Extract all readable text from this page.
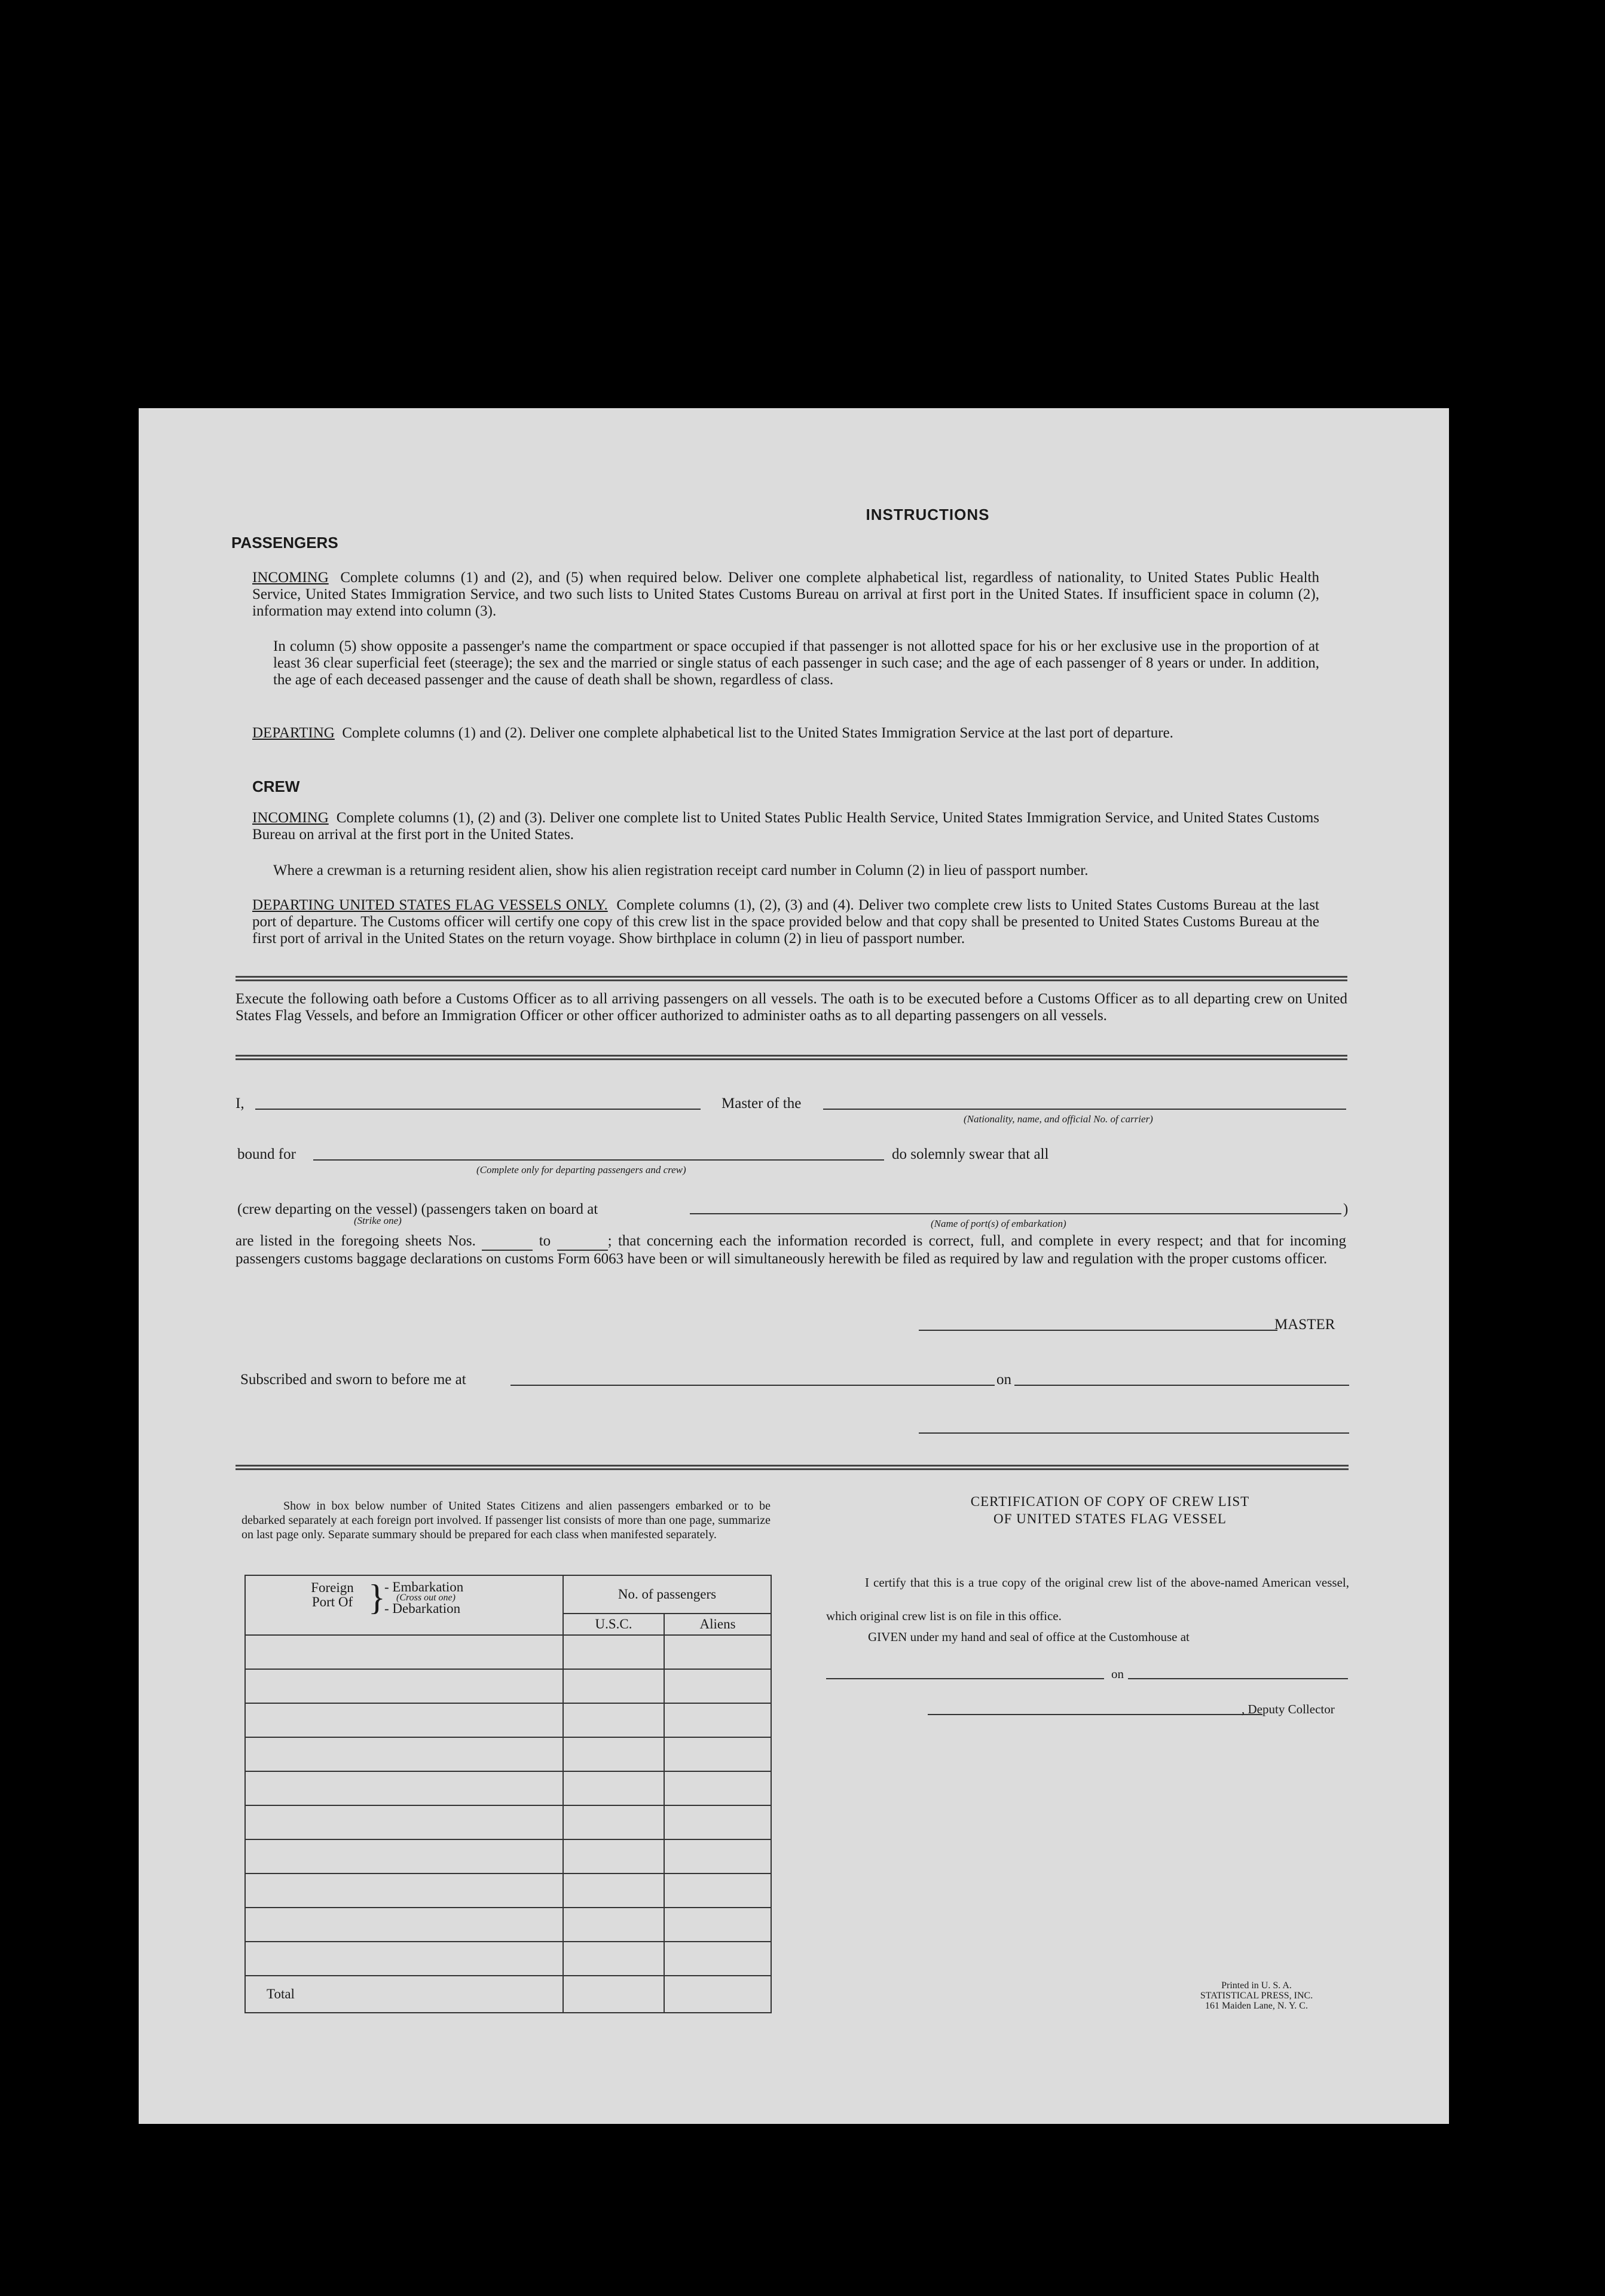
INSTRUCTIONS
PASSENGERS
INCOMING Complete columns (1) and (2), and (5) when required below. Deliver one complete alphabetical list, regardless of nationality, to United States Public Health Service, United States Immigration Service, and two such lists to United States Customs Bureau on arrival at first port in the United States. If insufficient space in column (2), information may extend into column (3).
In column (5) show opposite a passenger's name the compartment or space occupied if that passenger is not allotted space for his or her exclusive use in the proportion of at least 36 clear superficial feet (steerage); the sex and the married or single status of each passenger in such case; and the age of each passenger of 8 years or under. In addition, the age of each deceased passenger and the cause of death shall be shown, regardless of class.
DEPARTING Complete columns (1) and (2). Deliver one complete alphabetical list to the United States Immigration Service at the last port of departure.
CREW
INCOMING Complete columns (1), (2) and (3). Deliver one complete list to United States Public Health Service, United States Immigration Service, and United States Customs Bureau on arrival at the first port in the United States.
Where a crewman is a returning resident alien, show his alien registration receipt card number in Column (2) in lieu of passport number.
DEPARTING UNITED STATES FLAG VESSELS ONLY. Complete columns (1), (2), (3) and (4). Deliver two complete crew lists to United States Customs Bureau at the last port of departure. The Customs officer will certify one copy of this crew list in the space provided below and that copy shall be presented to United States Customs Bureau at the first port of arrival in the United States on the return voyage. Show birthplace in column (2) in lieu of passport number.
Execute the following oath before a Customs Officer as to all arriving passengers on all vessels. The oath is to be executed before a Customs Officer as to all departing crew on United States Flag Vessels, and before an Immigration Officer or other officer authorized to administer oaths as to all departing passengers on all vessels.
I,	Master of the
(Nationality, name, and official No. of carrier)
bound for
(Complete only for departing passengers and crew)
do solemnly swear that all
(crew departing on the vessel) (passengers taken on board at
(Strike one)	(Name of port(s) of embarkation)
)
are listed in the foregoing sheets Nos.	to	; that concerning each the information recorded is correct, full, and complete in every respect; and that for incoming passengers customs baggage declarations on customs Form 6063 have been or will simultaneously herewith be filed as required by law and regulation with the proper customs officer.
MASTER
Subscribed and sworn to before me at	on
Show in box below number of United States Citizens and alien passengers embarked or to be debarked separately at each foreign port involved. If passenger list consists of more than one page, summarize on last page only. Separate summary should be prepared for each class when manifested separately.
Foreign Port Of }
- Embarkation
(Cross out one)
- Debarkation	No. of passengers	
	U.S.C.	Aliens

Total		
CERTIFICATION OF COPY OF CREW LIST
OF UNITED STATES FLAG VESSEL
I certify that this is a true copy of the original crew list of the above-named American vessel, which original crew list is on file in this office.
GIVEN under my hand and seal of office at the Customhouse at
on
, Deputy Collector
Printed in U. S. A.
STATISTICAL PRESS, INC.
161 Maiden Lane, N. Y. C.
